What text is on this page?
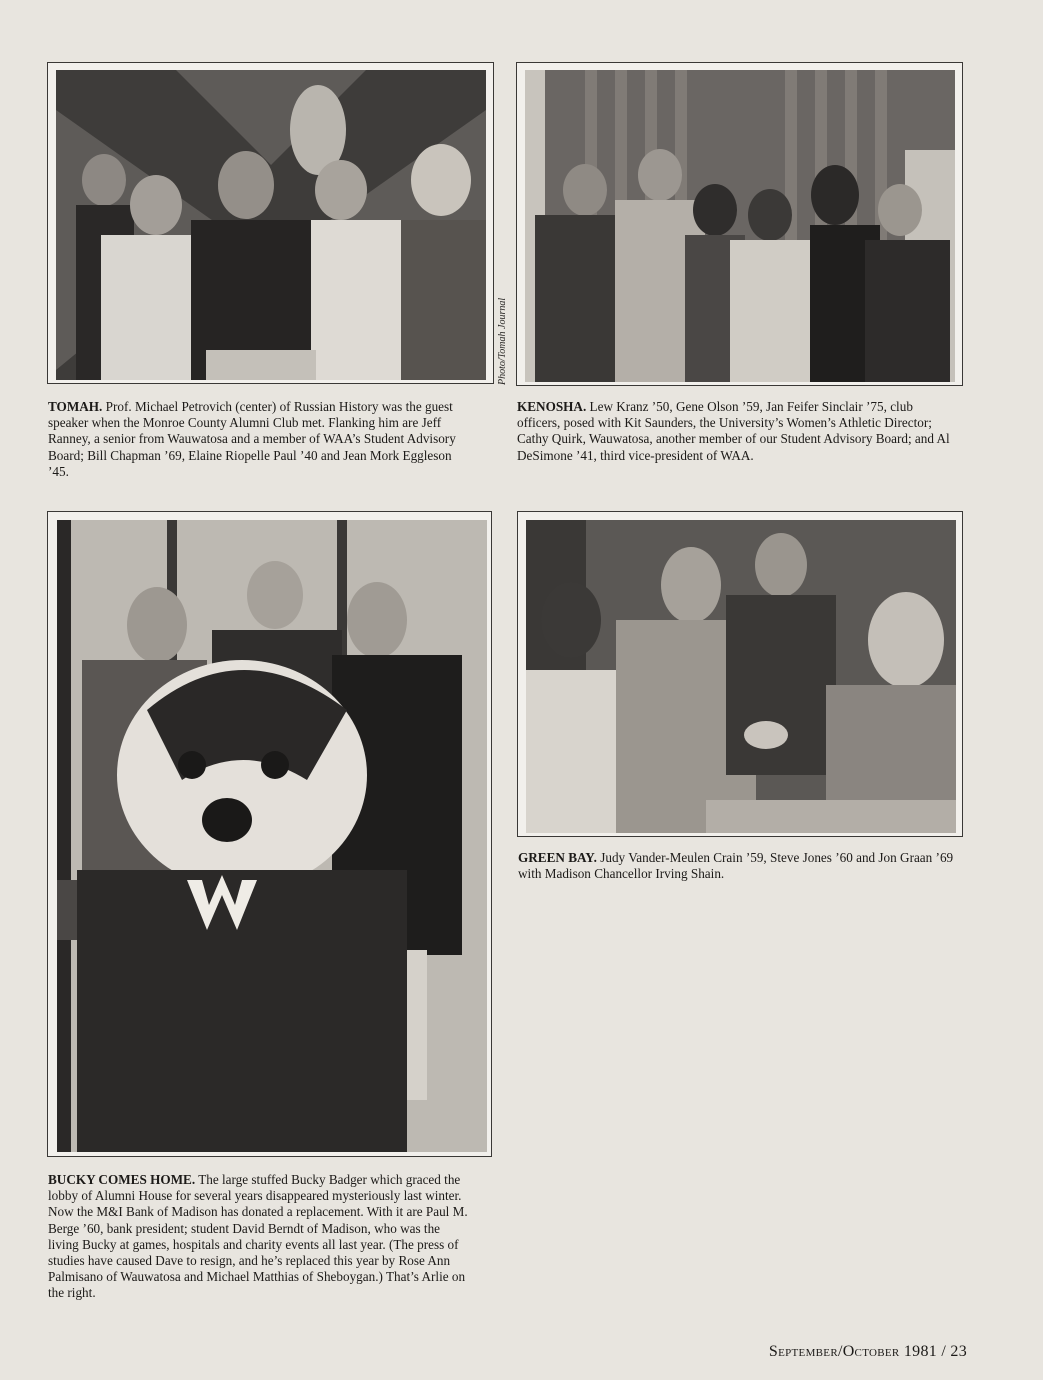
Photo/Tomah Journal

TOMAH. Prof. Michael Petrovich (center) of Russian History was the guest speaker when the Monroe County Alumni Club met. Flanking him are Jeff Ranney, a senior from Wauwatosa and a member of WAA’s Student Advisory Board; Bill Chapman ’69, Elaine Riopelle Paul ’40 and Jean Mork Eggleson ’45.

KENOSHA. Lew Kranz ’50, Gene Olson ’59, Jan Feifer Sinclair ’75, club officers, posed with Kit Saunders, the University’s Women’s Athletic Director; Cathy Quirk, Wauwatosa, another member of our Student Advisory Board; and Al DeSimone ’41, third vice-president of WAA.

BUCKY COMES HOME. The large stuffed Bucky Badger which graced the lobby of Alumni House for several years disappeared mysteriously last winter. Now the M&I Bank of Madison has donated a replacement. With it are Paul M. Berge ’60, bank president; student David Berndt of Madison, who was the living Bucky at games, hospitals and charity events all last year. (The press of studies have caused Dave to resign, and he’s replaced this year by Rose Ann Palmisano of Wauwatosa and Michael Matthias of Sheboygan.) That’s Arlie on the right.

GREEN BAY. Judy Vander-Meulen Crain ’59, Steve Jones ’60 and Jon Graan ’69 with Madison Chancellor Irving Shain.

September/October 1981 / 23
